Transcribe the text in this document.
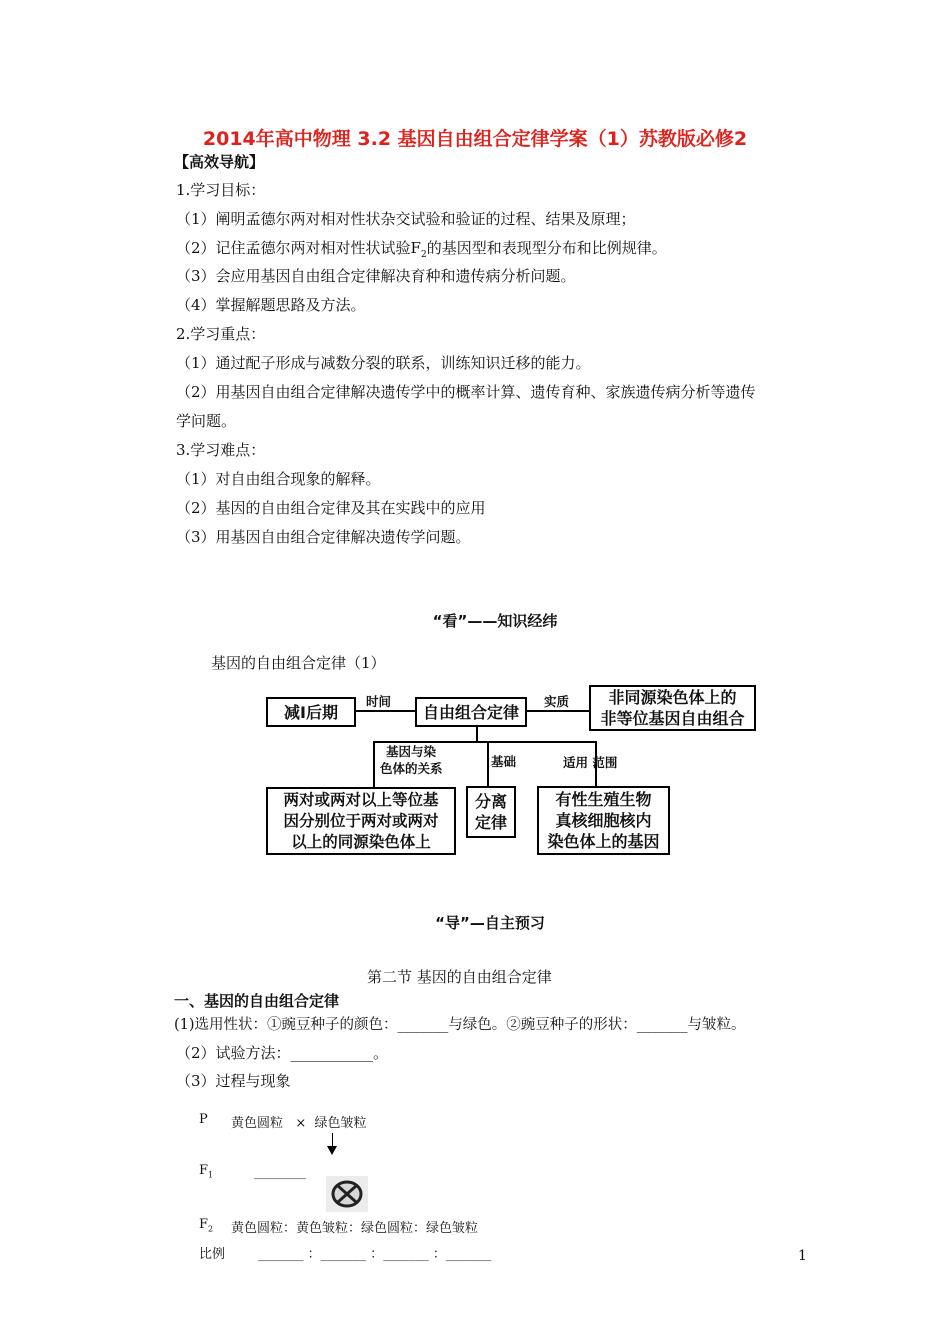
2014年高中物理 3.2 基因自由组合定律学案（1）苏教版必修2
【高效导航】
1.学习目标：
（1）阐明孟德尔两对相对性状杂交试验和验证的过程、结果及原理；
（2）记住孟德尔两对相对性状试验$F_2$的基因型和表现型分布和比例规律。
（3）会应用基因自由组合定律解决育种和遗传病分析问题。
（4）掌握解题思路及方法。
2.学习重点：
（1）通过配子形成与减数分裂的联系，训练知识迁移的能力。
（2）用基因自由组合定律解决遗传学中的概率计算、遗传育种、家族遗传病分析等遗传
学问题。
3.学习难点：
（1）对自由组合现象的解释。
（2）基因的自由组合定律及其在实践中的应用
（3）用基因自由组合定律解决遗传学问题。
“看”——知识经纬
基因的自由组合定律（1）
减Ⅰ后期	自由组合定律
非同源染色体上的
非等位基因自由组合
两对或两对以上等位基
因分别位于两对或两对
以上的同源染色体上
分离
定律
有性生殖生物
真核细胞核内
染色体上的基因
时间	实质
基因与染
色体的关系	基础	适用 范围
“导”—自主预习
第二节 基因的自由组合定律
一、基因的自由组合定律
(1)选用性状：①豌豆种子的颜色：_______与绿色。②豌豆种子的形状：_______与皱粒。
（2）试验方法：___________。
（3）过程与现象
P 黄色圆粒   ×  绿色皱粒
$F_1$	________
$F_2$ 黄色圆粒：黄色皱粒：绿色圆粒：绿色皱粒
比例	_______ ：_______ ：_______ ：_______	1
